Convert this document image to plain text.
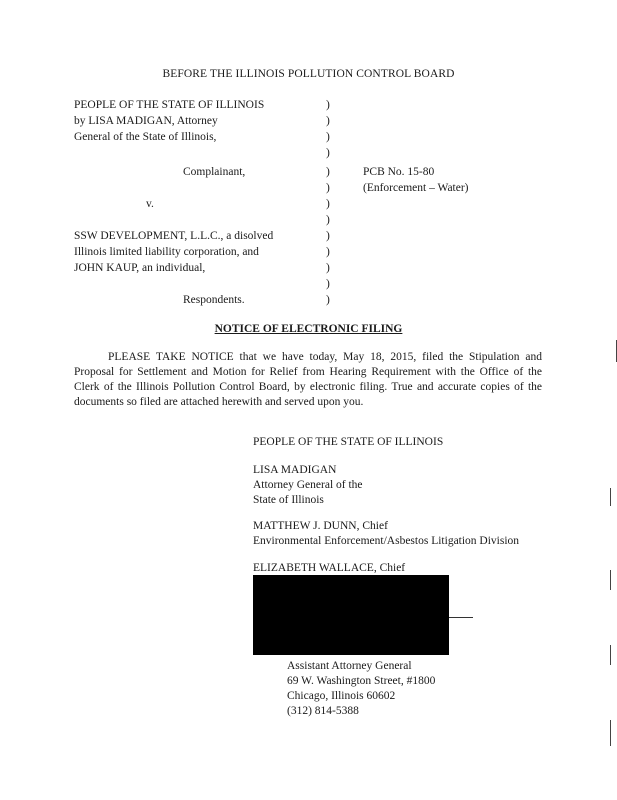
BEFORE THE ILLINOIS POLLUTION CONTROL BOARD
PEOPLE OF THE STATE OF ILLINOIS
by LISA MADIGAN, Attorney
General of the State of Illinois,
Complainant,
v.
SSW DEVELOPMENT, L.L.C., a disolved
Illinois limited liability corporation, and
JOHN KAUP, an individual,
Respondents.
)
)
)
)
)
)
)
)
)
)
)
)
)
PCB No. 15-80
(Enforcement – Water)
NOTICE OF ELECTRONIC FILING
PLEASE TAKE NOTICE that we have today, May 18, 2015, filed the Stipulation and Proposal for Settlement and Motion for Relief from Hearing Requirement with the Office of the Clerk of the Illinois Pollution Control Board, by electronic filing. True and accurate copies of the documents so filed are attached herewith and served upon you.
PEOPLE OF THE STATE OF ILLINOIS
LISA MADIGAN
Attorney General of the
State of Illinois
MATTHEW J. DUNN, Chief
Environmental Enforcement/Asbestos Litigation Division
ELIZABETH WALLACE, Chief
Assistant Attorney General
69 W. Washington Street, #1800
Chicago, Illinois 60602
(312) 814-5388
